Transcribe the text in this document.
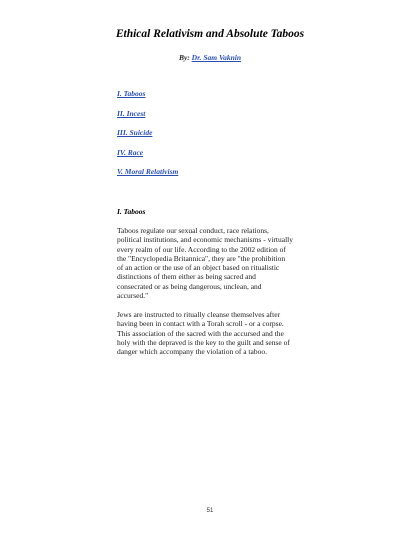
Ethical Relativism and Absolute Taboos
By: Dr. Sam Vaknin
I. Taboos
II. Incest
III. Suicide
IV. Race
V. Moral Relativism
I. Taboos

Taboos regulate our sexual conduct, race relations,
political institutions, and economic mechanisms - virtually
every realm of our life. According to the 2002 edition of
the "Encyclopedia Britannica", they are "the prohibition
of an action or the use of an object based on ritualistic
distinctions of them either as being sacred and
consecrated or as being dangerous, unclean, and
accursed."

Jews are instructed to ritually cleanse themselves after
having been in contact with a Torah scroll - or a corpse.
This association of the sacred with the accursed and the
holy with the depraved is the key to the guilt and sense of
danger which accompany the violation of a taboo.

51
